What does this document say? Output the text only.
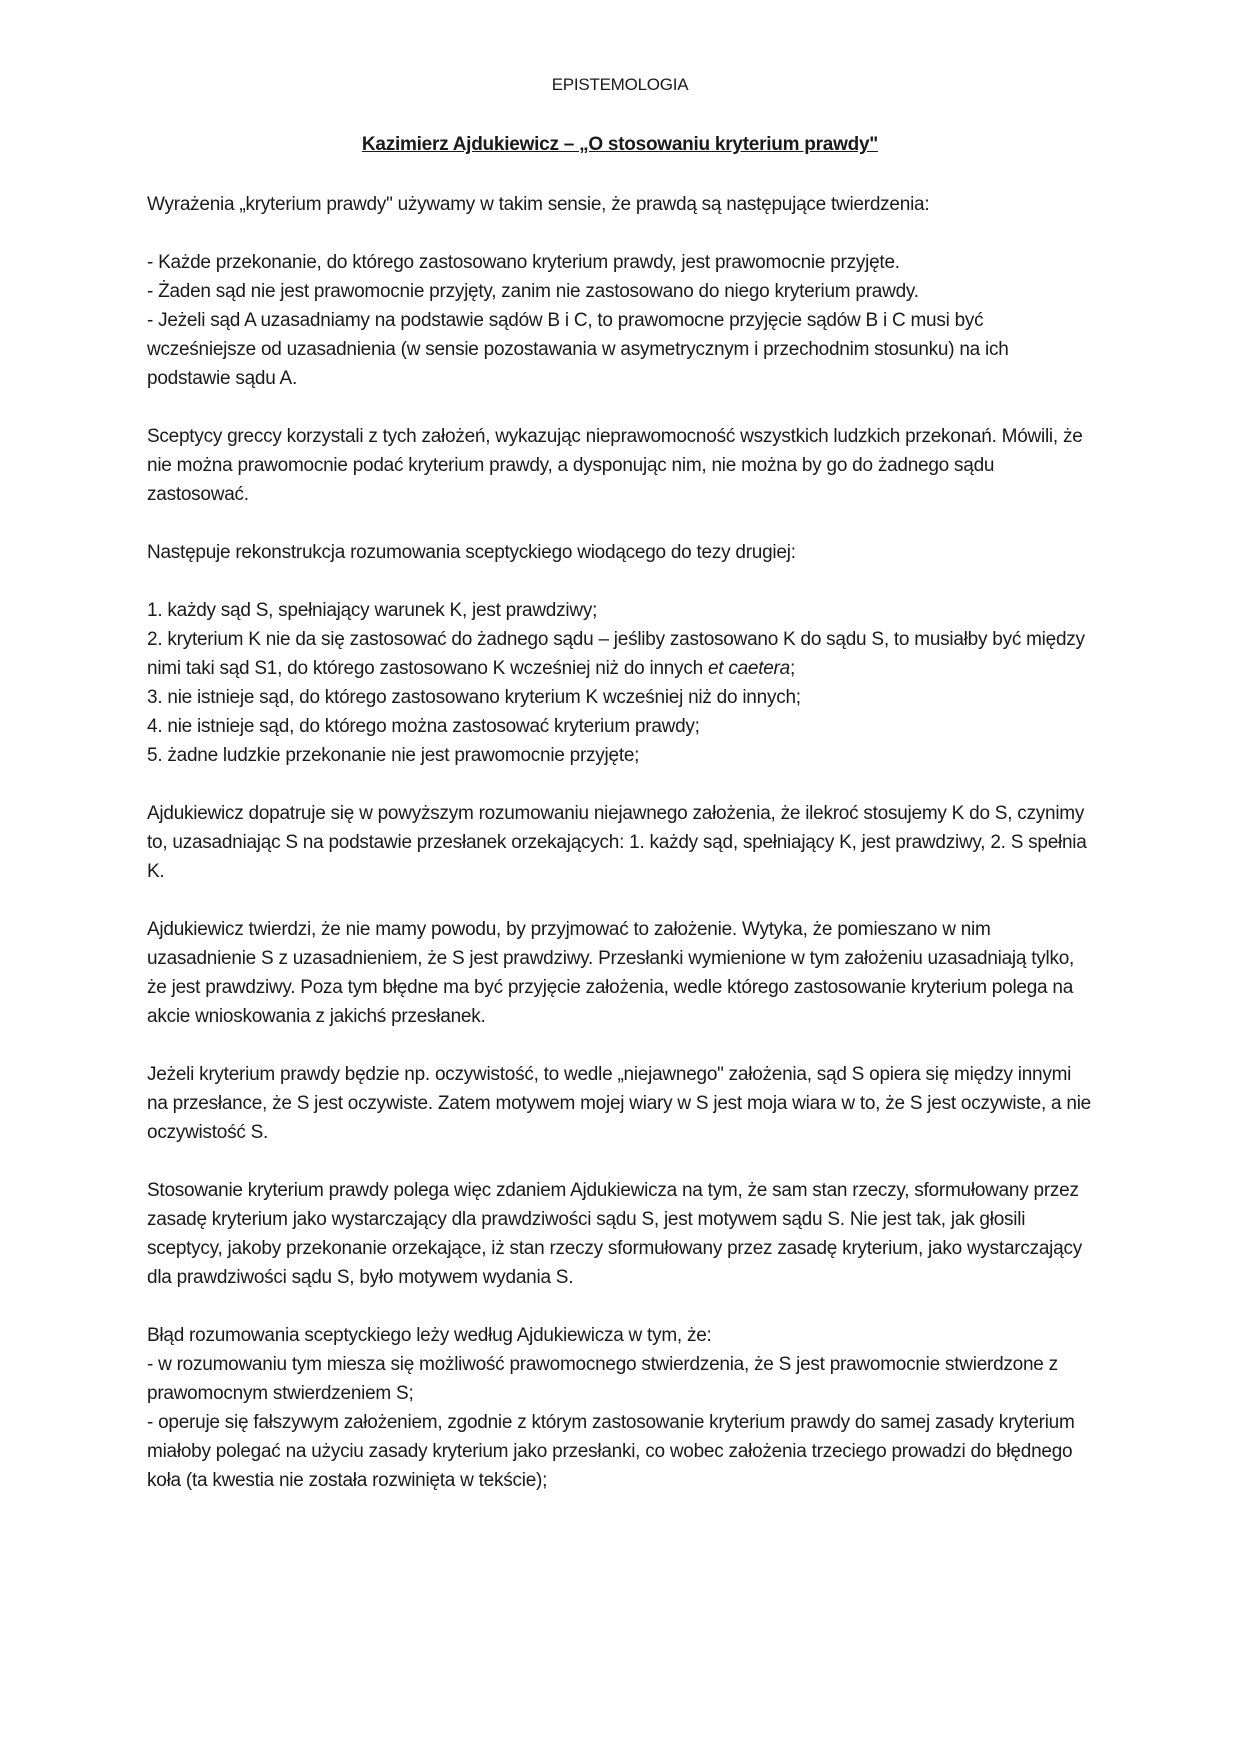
EPISTEMOLOGIA
Kazimierz Ajdukiewicz – „O stosowaniu kryterium prawdy"

Wyrażenia „kryterium prawdy" używamy w takim sensie, że prawdą są następujące twierdzenia:

- Każde przekonanie, do którego zastosowano kryterium prawdy, jest prawomocnie przyjęte.
- Żaden sąd nie jest prawomocnie przyjęty, zanim nie zastosowano do niego kryterium prawdy.
- Jeżeli sąd A uzasadniamy na podstawie sądów B i C, to prawomocne przyjęcie sądów B i C musi być wcześniejsze od uzasadnienia (w sensie pozostawania w asymetrycznym i przechodnim stosunku) na ich podstawie sądu A.

Sceptycy greccy korzystali z tych założeń, wykazując nieprawomocność wszystkich ludzkich przekonań. Mówili, że nie można prawomocnie podać kryterium prawdy, a dysponując nim, nie można by go do żadnego sądu zastosować.

Następuje rekonstrukcja rozumowania sceptyckiego wiodącego do tezy drugiej:

1. każdy sąd S, spełniający warunek K, jest prawdziwy;
2. kryterium K nie da się zastosować do żadnego sądu – jeśliby zastosowano K do sądu S, to musiałby być między nimi taki sąd S1, do którego zastosowano K wcześniej niż do innych et caetera;
3. nie istnieje sąd, do którego zastosowano kryterium K wcześniej niż do innych;
4. nie istnieje sąd, do którego można zastosować kryterium prawdy;
5. żadne ludzkie przekonanie nie jest prawomocnie przyjęte;

Ajdukiewicz dopatruje się w powyższym rozumowaniu niejawnego założenia, że ilekroć stosujemy K do S, czynimy to, uzasadniając S na podstawie przesłanek orzekających: 1. każdy sąd, spełniający K, jest prawdziwy, 2. S spełnia K.

Ajdukiewicz twierdzi, że nie mamy powodu, by przyjmować to założenie. Wytyka, że pomieszano w nim uzasadnienie S z uzasadnieniem, że S jest prawdziwy. Przesłanki wymienione w tym założeniu uzasadniają tylko, że jest prawdziwy. Poza tym błędne ma być przyjęcie założenia, wedle którego zastosowanie kryterium polega na akcie wnioskowania z jakichś przesłanek.

Jeżeli kryterium prawdy będzie np. oczywistość, to wedle „niejawnego" założenia, sąd S opiera się między innymi na przesłance, że S jest oczywiste. Zatem motywem mojej wiary w S jest moja wiara w to, że S jest oczywiste, a nie oczywistość S.

Stosowanie kryterium prawdy polega więc zdaniem Ajdukiewicza na tym, że sam stan rzeczy, sformułowany przez zasadę kryterium jako wystarczający dla prawdziwości sądu S, jest motywem sądu S. Nie jest tak, jak głosili sceptycy, jakoby przekonanie orzekające, iż stan rzeczy sformułowany przez zasadę kryterium, jako wystarczający dla prawdziwości sądu S, było motywem wydania S.

Błąd rozumowania sceptyckiego leży według Ajdukiewicza w tym, że:
- w rozumowaniu tym miesza się możliwość prawomocnego stwierdzenia, że S jest prawomocnie stwierdzone z prawomocnym stwierdzeniem S;
- operuje się fałszywym założeniem, zgodnie z którym zastosowanie kryterium prawdy do samej zasady kryterium miałoby polegać na użyciu zasady kryterium jako przesłanki, co wobec założenia trzeciego prowadzi do błędnego koła (ta kwestia nie została rozwinięta w tekście);
